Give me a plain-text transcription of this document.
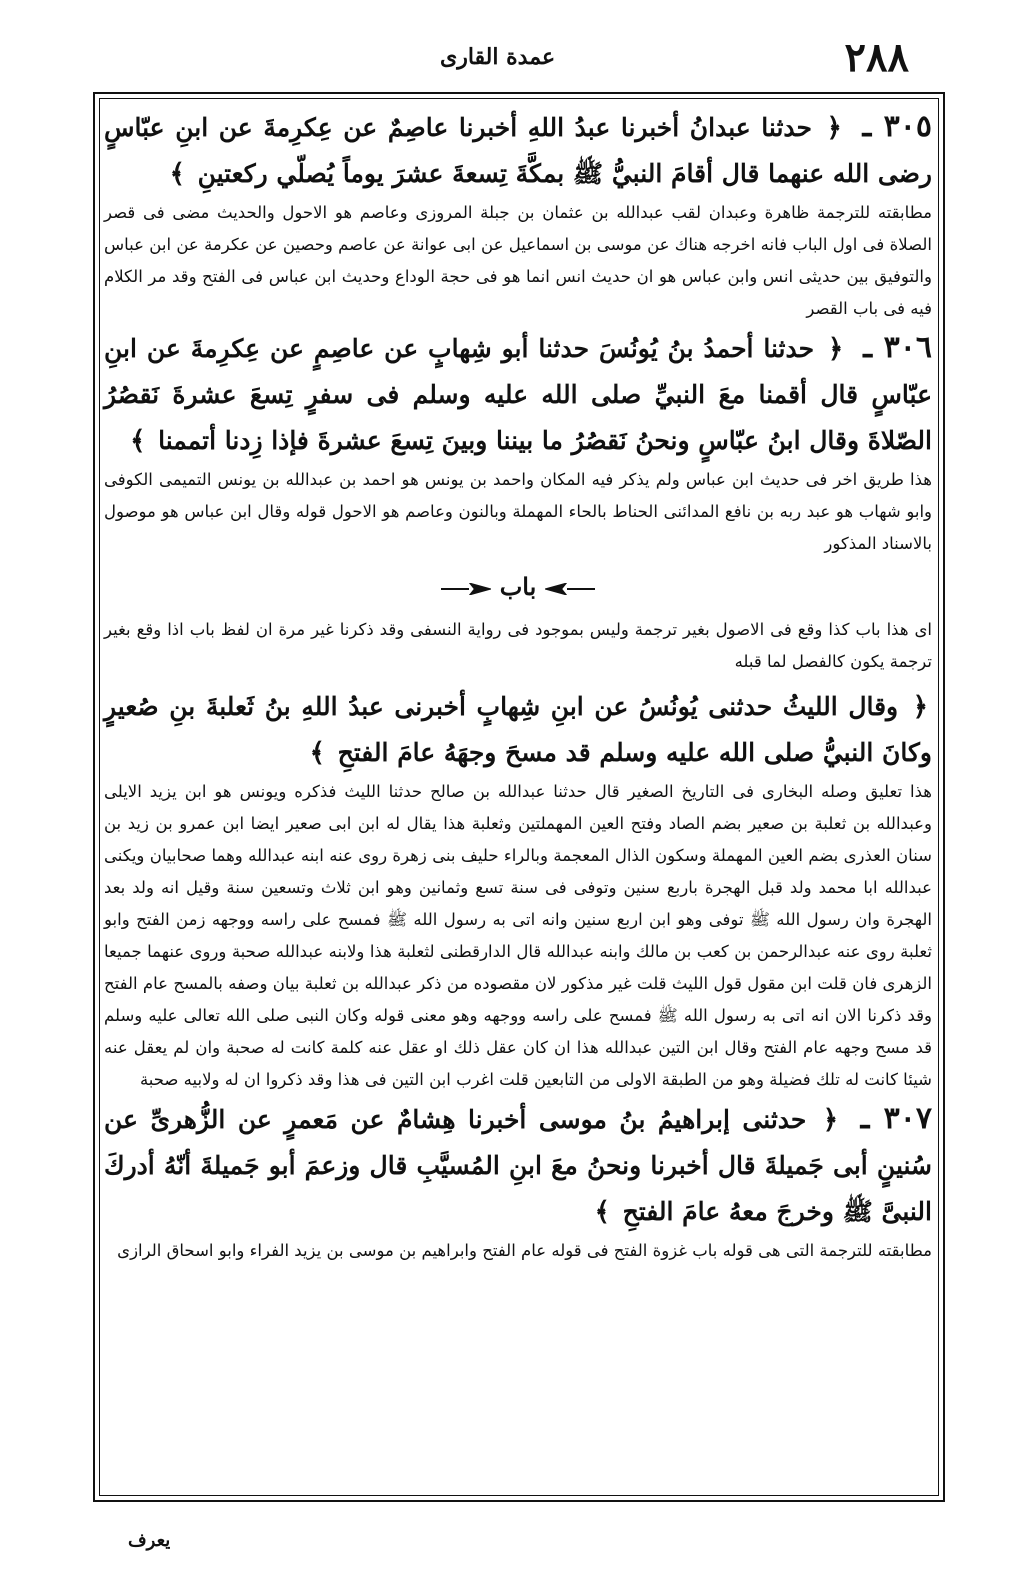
٢٨٨
عمدة القاری

٣٠٥ ـ ﴿ حدثنا عبدانُ أخبرنا عبدُ اللهِ أخبرنا عاصِمٌ عن عِكرِمةَ عن ابنِ عبّاسٍ رضى الله عنهما قال أقامَ النبيُّ ﷺ بمكَّةَ تِسعةَ عشرَ يوماً يُصلّي ركعتينِ ﴾

مطابقته للترجمة ظاهرة وعبدان لقب عبدالله بن عثمان بن جبلة المروزی وعاصم هو الاحول والحديث مضى فی قصر الصلاة فی اول الباب فانه اخرجه هناك عن موسى بن اسماعيل عن ابی عوانة عن عاصم وحصين عن عكرمة عن ابن عباس والتوفيق بين حديثی انس وابن عباس هو ان حديث انس انما هو فی حجة الوداع وحديث ابن عباس فی الفتح وقد مر الكلام فيه فی باب القصر

٣٠٦ ـ ﴿ حدثنا أحمدُ بنُ يُونُسَ حدثنا أبو شِهابٍ عن عاصِمٍ عن عِكرِمةَ عن ابنِ عبّاسٍ قال أقمنا معَ النبيِّ صلى الله عليه وسلم فى سفرٍ تِسعَ عشرةَ نَقصُرُ الصّلاةَ وقال ابنُ عبّاسٍ ونحنُ نَقصُرُ ما بيننا وبينَ تِسعَ عشرةَ فإذا زِدنا أتممنا ﴾

هذا طريق اخر فی حديث ابن عباس ولم يذكر فيه المكان واحمد بن يونس هو احمد بن عبدالله بن يونس التميمی الكوفی وابو شهاب هو عبد ربه بن نافع المدائنی الحناط بالحاء المهملة وبالنون وعاصم هو الاحول قوله وقال ابن عباس هو موصول بالاسناد المذكور

باب

ای هذا باب كذا وقع فی الاصول بغير ترجمة وليس بموجود فی رواية النسفی وقد ذكرنا غير مرة ان لفظ باب اذا وقع بغير ترجمة يكون كالفصل لما قبله

﴿ وقال الليثُ حدثنی يُونُسُ عن ابنِ شِهابٍ أخبرنی عبدُ اللهِ بنُ ثَعلبةَ بنِ صُعيرٍ وكانَ النبيُّ صلى الله عليه وسلم قد مسحَ وجهَهُ عامَ الفتحِ ﴾

هذا تعليق وصله البخاری فی التاريخ الصغير قال حدثنا عبدالله بن صالح حدثنا الليث فذكره ويونس هو ابن يزيد الايلی وعبدالله بن ثعلبة بن صعير بضم الصاد وفتح العين المهملتين وثعلبة هذا يقال له ابن ابی صعير ايضا ابن عمرو بن زيد بن سنان العذری بضم العين المهملة وسكون الذال المعجمة وبالراء حليف بنی زهرة روی عنه ابنه عبدالله وهما صحابيان ويكنى عبدالله ابا محمد ولد قبل الهجرة باربع سنين وتوفی فی سنة تسع وثمانين وهو ابن ثلاث وتسعين سنة وقيل انه ولد بعد الهجرة وان رسول الله ﷺ توفی وهو ابن اربع سنين وانه اتی به رسول الله ﷺ فمسح على راسه ووجهه زمن الفتح وابو ثعلبة روی عنه عبدالرحمن بن كعب بن مالك وابنه عبدالله قال الدارقطنی لثعلبة هذا ولابنه عبدالله صحبة وروی عنهما جميعا الزهری فان قلت ابن مقول قول الليث قلت غير مذكور لان مقصوده من ذكر عبدالله بن ثعلبة بيان وصفه بالمسح عام الفتح وقد ذكرنا الان انه اتی به رسول الله ﷺ فمسح على راسه ووجهه وهو معنى قوله وكان النبی صلى الله تعالى عليه وسلم قد مسح وجهه عام الفتح وقال ابن التين عبدالله هذا ان كان عقل ذلك او عقل عنه كلمة كانت له صحبة وان لم يعقل عنه شيئا كانت له تلك فضيلة وهو من الطبقة الاولى من التابعين قلت اغرب ابن التين فی هذا وقد ذكروا ان له ولابيه صحبة

٣٠٧ ـ ﴿ حدثنی إبراهيمُ بنُ موسى أخبرنا هِشامٌ عن مَعمرٍ عن الزُّهریِّ عن سُنينٍ أبی جَميلةَ قال أخبرنا ونحنُ معَ ابنِ المُسيَّبِ قال وزعمَ أبو جَميلةَ أنّهُ أدركَ النبیَّ ﷺ وخرجَ معهُ عامَ الفتحِ ﴾

مطابقته للترجمة التی هی قوله باب غزوة الفتح فی قوله عام الفتح وابراهيم بن موسى بن يزيد الفراء وابو اسحاق الرازی

يعرف
